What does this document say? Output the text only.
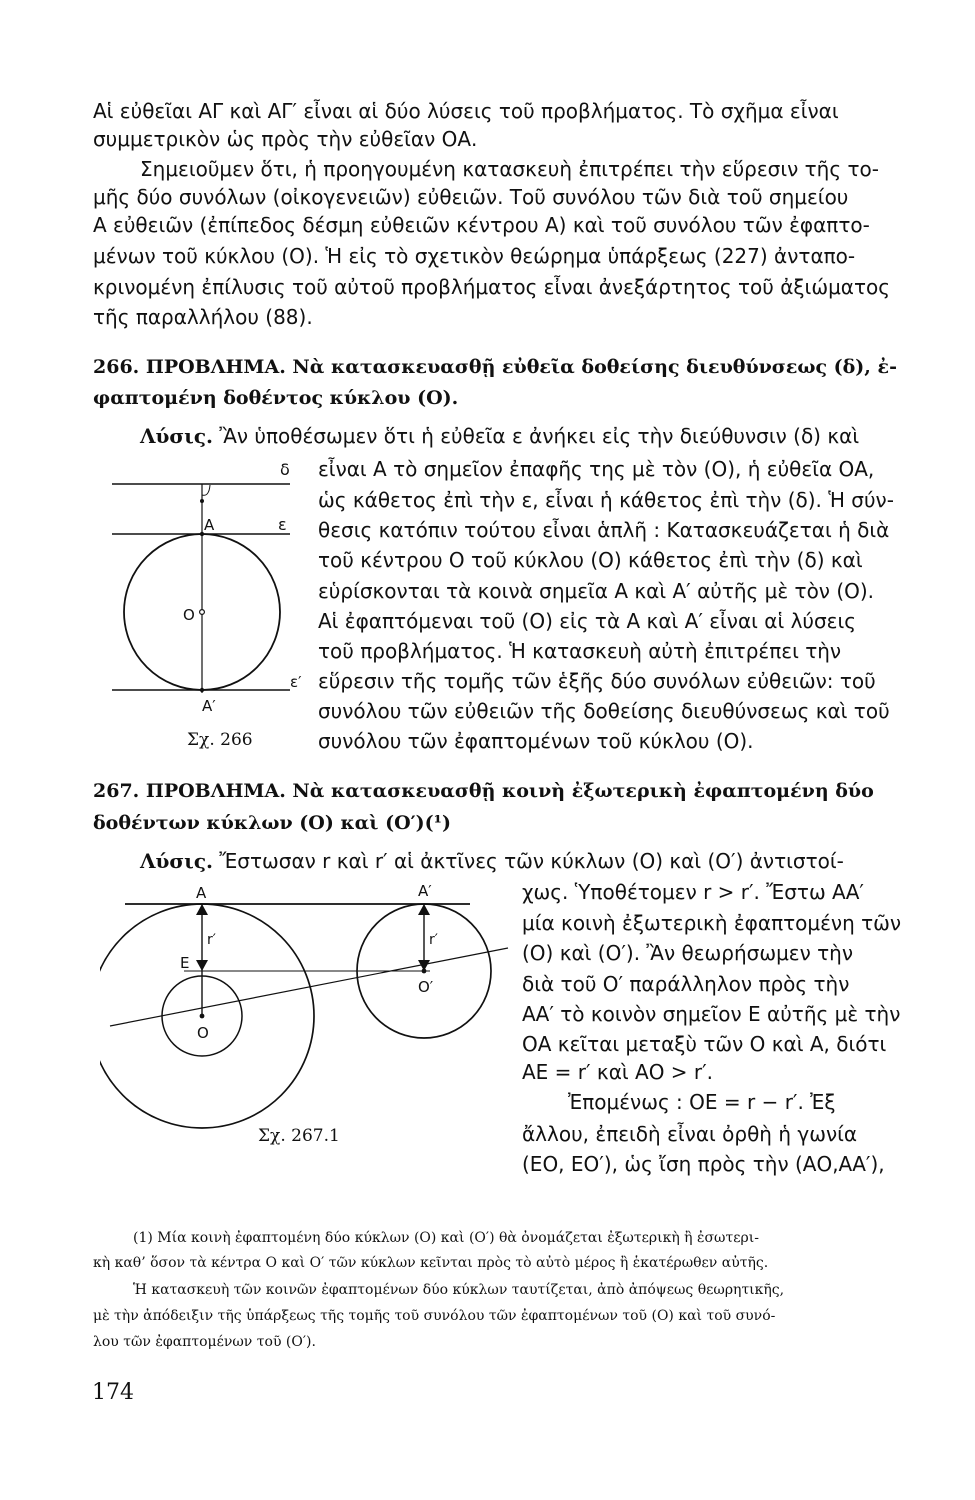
Αἱ εὐθεῖαι ΑΓ καὶ ΑΓ′ εἶναι αἱ δύο λύσεις τοῦ προβλήματος. Τὸ σχῆμα εἶναι
συμμετρικὸν ὡς πρὸς τὴν εὐθεῖαν ΟΑ.
Σημειοῦμεν ὅτι, ἡ προηγουμένη κατασκευὴ ἐπιτρέπει τὴν εὕρεσιν τῆς το-
μῆς δύο συνόλων (οἰκογενειῶν) εὐθειῶν. Τοῦ συνόλου τῶν διὰ τοῦ σημείου
Α εὐθειῶν (ἐπίπεδος δέσμη εὐθειῶν κέντρου Α) καὶ τοῦ συνόλου τῶν ἐφαπτο-
μένων τοῦ κύκλου (Ο). Ἡ εἰς τὸ σχετικὸν θεώρημα ὑπάρξεως (227) ἀνταπο-
κρινομένη ἐπίλυσις τοῦ αὐτοῦ προβλήματος εἶναι ἀνεξάρτητος τοῦ ἀξιώματος
τῆς παραλλήλου (88).
266. ΠΡΟΒΛΗΜΑ. Νὰ κατασκευασθῇ εὐθεῖα δοθείσης διευθύνσεως (δ), ἐ-
φαπτομένη δοθέντος κύκλου (Ο).
Λύσις. Ἂν ὑποθέσωμεν ὅτι ἡ εὐθεῖα ε ἀνήκει εἰς τὴν διεύθυνσιν (δ) καὶ
εἶναι Α τὸ σημεῖον ἐπαφῆς της μὲ τὸν (Ο), ἡ εὐθεῖα ΟΑ,
ὡς κάθετος ἐπὶ τὴν ε, εἶναι ἡ κάθετος ἐπὶ τὴν (δ). Ἡ σύν-
θεσις κατόπιν τούτου εἶναι ἁπλῆ : Κατασκευάζεται ἡ διὰ
τοῦ κέντρου Ο τοῦ κύκλου (Ο) κάθετος ἐπὶ τὴν (δ) καὶ
εὑρίσκονται τὰ κοινὰ σημεῖα Α καὶ Α′ αὐτῆς μὲ τὸν (Ο).
Αἱ ἐφαπτόμεναι τοῦ (Ο) εἰς τὰ Α καὶ Α′ εἶναι αἱ λύσεις
τοῦ προβλήματος. Ἡ κατασκευὴ αὐτὴ ἐπιτρέπει τὴν
εὕρεσιν τῆς τομῆς τῶν ἑξῆς δύο συνόλων εὐθειῶν: τοῦ
συνόλου τῶν εὐθειῶν τῆς δοθείσης διευθύνσεως καὶ τοῦ
συνόλου τῶν ἐφαπτομένων τοῦ κύκλου (Ο).
δ
Α	ε
Ο
ε′
Α′
Σχ. 266
267. ΠΡΟΒΛΗΜΑ. Νὰ κατασκευασθῇ κοινὴ ἐξωτερικὴ ἐφαπτομένη δύο
δοθέντων κύκλων (Ο) καὶ (Ο′)(¹)
Λύσις. Ἔστωσαν r καὶ r′ αἱ ἀκτῖνες τῶν κύκλων (Ο) καὶ (Ο′) ἀντιστοί-
χως. Ὑποθέτομεν r > r′. Ἔστω ΑΑ′
μία κοινὴ ἐξωτερικὴ ἐφαπτομένη τῶν
(Ο) καὶ (Ο′). Ἂν θεωρήσωμεν τὴν
διὰ τοῦ Ο′ παράλληλον πρὸς τὴν
ΑΑ′ τὸ κοινὸν σημεῖον Ε αὐτῆς μὲ τὴν
ΟΑ κεῖται μεταξὺ τῶν Ο καὶ Α, διότι
ΑΕ = r′ καὶ ΑΟ > r′.
Ἐπομένως : ΟΕ = r − r′. Ἐξ
ἄλλου, ἐπειδὴ εἶναι ὀρθὴ ἡ γωνία
(ΕΟ, ΕΟ′), ὡς ἴση πρὸς τὴν (ΑΟ,ΑΑ′),
Α	Α′
r′	r′
Ε
Ο
Ο′
Σχ. 267.1
(1) Μία κοινὴ ἐφαπτομένη δύο κύκλων (Ο) καὶ (Ο′) θὰ ὀνομάζεται ἐξωτερικὴ ἢ ἐσωτερι-
κὴ καθ’ ὅσον τὰ κέντρα Ο καὶ Ο′ τῶν κύκλων κεῖνται πρὸς τὸ αὐτὸ μέρος ἢ ἑκατέρωθεν αὐτῆς.
Ἡ κατασκευὴ τῶν κοινῶν ἐφαπτομένων δύο κύκλων ταυτίζεται, ἀπὸ ἀπόψεως θεωρητικῆς,
μὲ τὴν ἀπόδειξιν τῆς ὑπάρξεως τῆς τομῆς τοῦ συνόλου τῶν ἐφαπτομένων τοῦ (Ο) καὶ τοῦ συνό-
λου τῶν ἐφαπτομένων τοῦ (Ο′).
174
